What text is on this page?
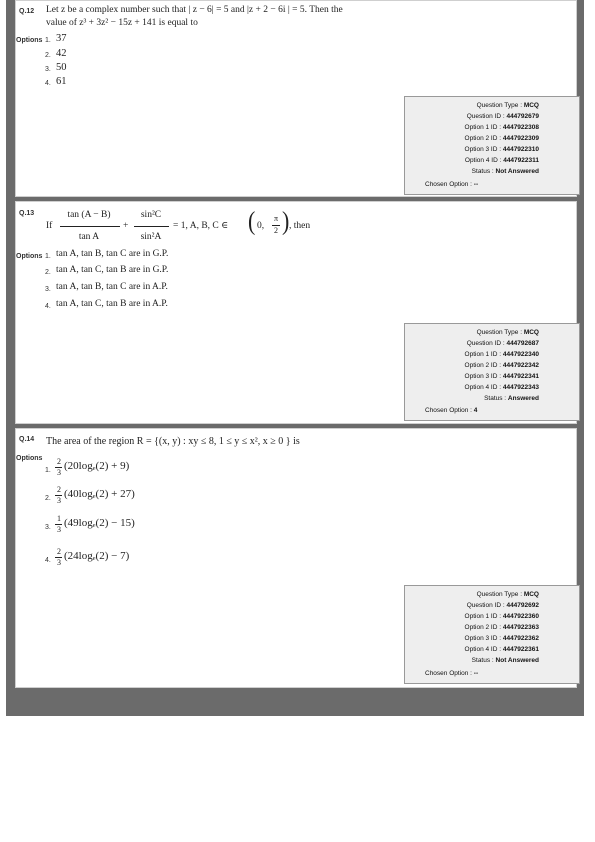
Q.12 Let z be a complex number such that | z − 6| = 5 and |z + 2 − 6i | = 5. Then the
value of z³ + 3z² − 15z + 141 is equal to
Options 1. 37
2. 42
3. 50
4. 61
Question Type : MCQ
Question ID : 444792679
Option 1 ID : 4447922308
Option 2 ID : 4447922309
Option 3 ID : 4447922310
Option 4 ID : 4447922311
Status : Not Answered
Chosen Option : --
Q.13
If
tan (A − B)
tan A
+
sin²C
sin²A
= 1, A, B, C ∈ ( 0,
π
2 ) , then
Options 1. tan A, tan B, tan C are in G.P.
2. tan A, tan C, tan B are in G.P.
3. tan A, tan B, tan C are in A.P.
4. tan A, tan C, tan B are in A.P.
Question Type : MCQ
Question ID : 444792687
Option 1 ID : 4447922340
Option 2 ID : 4447922342
Option 3 ID : 4447922341
Option 4 ID : 4447922343
Status : Answered
Chosen Option : 4
Q.14 The area of the region R = {(x, y) : xy ≤ 8, 1 ≤ y ≤ x², x ≥ 0 } is
Options
1.
2
3
(20logₑ(2) + 9)
2.
2
3
(40logₑ(2) + 27)
3.
1
3
(49logₑ(2) − 15)
4.
2
3
(24logₑ(2) − 7)
Question Type : MCQ
Question ID : 444792692
Option 1 ID : 4447922360
Option 2 ID : 4447922363
Option 3 ID : 4447922362
Option 4 ID : 4447922361
Status : Not Answered
Chosen Option : --
